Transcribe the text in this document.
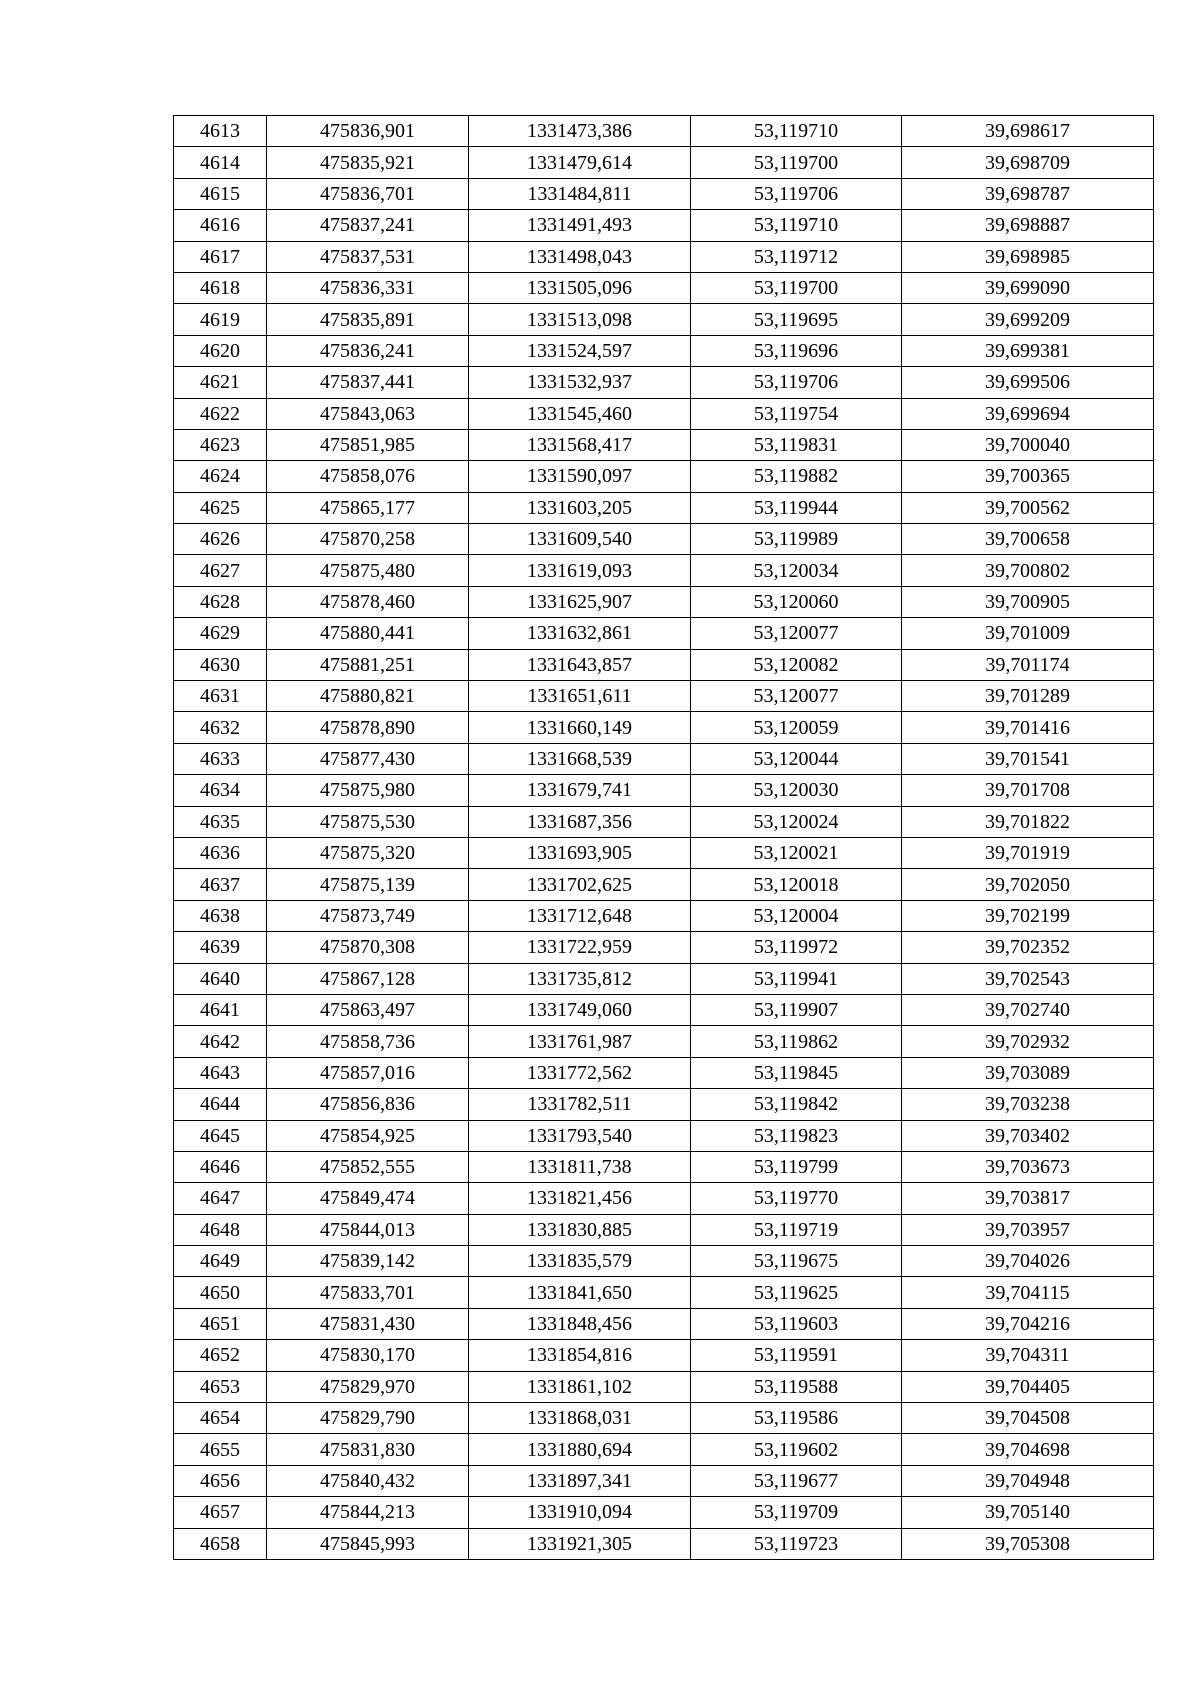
4613	475836,901	1331473,386	53,119710	39,698617
4614	475835,921	1331479,614	53,119700	39,698709
4615	475836,701	1331484,811	53,119706	39,698787
4616	475837,241	1331491,493	53,119710	39,698887
4617	475837,531	1331498,043	53,119712	39,698985
4618	475836,331	1331505,096	53,119700	39,699090
4619	475835,891	1331513,098	53,119695	39,699209
4620	475836,241	1331524,597	53,119696	39,699381
4621	475837,441	1331532,937	53,119706	39,699506
4622	475843,063	1331545,460	53,119754	39,699694
4623	475851,985	1331568,417	53,119831	39,700040
4624	475858,076	1331590,097	53,119882	39,700365
4625	475865,177	1331603,205	53,119944	39,700562
4626	475870,258	1331609,540	53,119989	39,700658
4627	475875,480	1331619,093	53,120034	39,700802
4628	475878,460	1331625,907	53,120060	39,700905
4629	475880,441	1331632,861	53,120077	39,701009
4630	475881,251	1331643,857	53,120082	39,701174
4631	475880,821	1331651,611	53,120077	39,701289
4632	475878,890	1331660,149	53,120059	39,701416
4633	475877,430	1331668,539	53,120044	39,701541
4634	475875,980	1331679,741	53,120030	39,701708
4635	475875,530	1331687,356	53,120024	39,701822
4636	475875,320	1331693,905	53,120021	39,701919
4637	475875,139	1331702,625	53,120018	39,702050
4638	475873,749	1331712,648	53,120004	39,702199
4639	475870,308	1331722,959	53,119972	39,702352
4640	475867,128	1331735,812	53,119941	39,702543
4641	475863,497	1331749,060	53,119907	39,702740
4642	475858,736	1331761,987	53,119862	39,702932
4643	475857,016	1331772,562	53,119845	39,703089
4644	475856,836	1331782,511	53,119842	39,703238
4645	475854,925	1331793,540	53,119823	39,703402
4646	475852,555	1331811,738	53,119799	39,703673
4647	475849,474	1331821,456	53,119770	39,703817
4648	475844,013	1331830,885	53,119719	39,703957
4649	475839,142	1331835,579	53,119675	39,704026
4650	475833,701	1331841,650	53,119625	39,704115
4651	475831,430	1331848,456	53,119603	39,704216
4652	475830,170	1331854,816	53,119591	39,704311
4653	475829,970	1331861,102	53,119588	39,704405
4654	475829,790	1331868,031	53,119586	39,704508
4655	475831,830	1331880,694	53,119602	39,704698
4656	475840,432	1331897,341	53,119677	39,704948
4657	475844,213	1331910,094	53,119709	39,705140
4658	475845,993	1331921,305	53,119723	39,705308
